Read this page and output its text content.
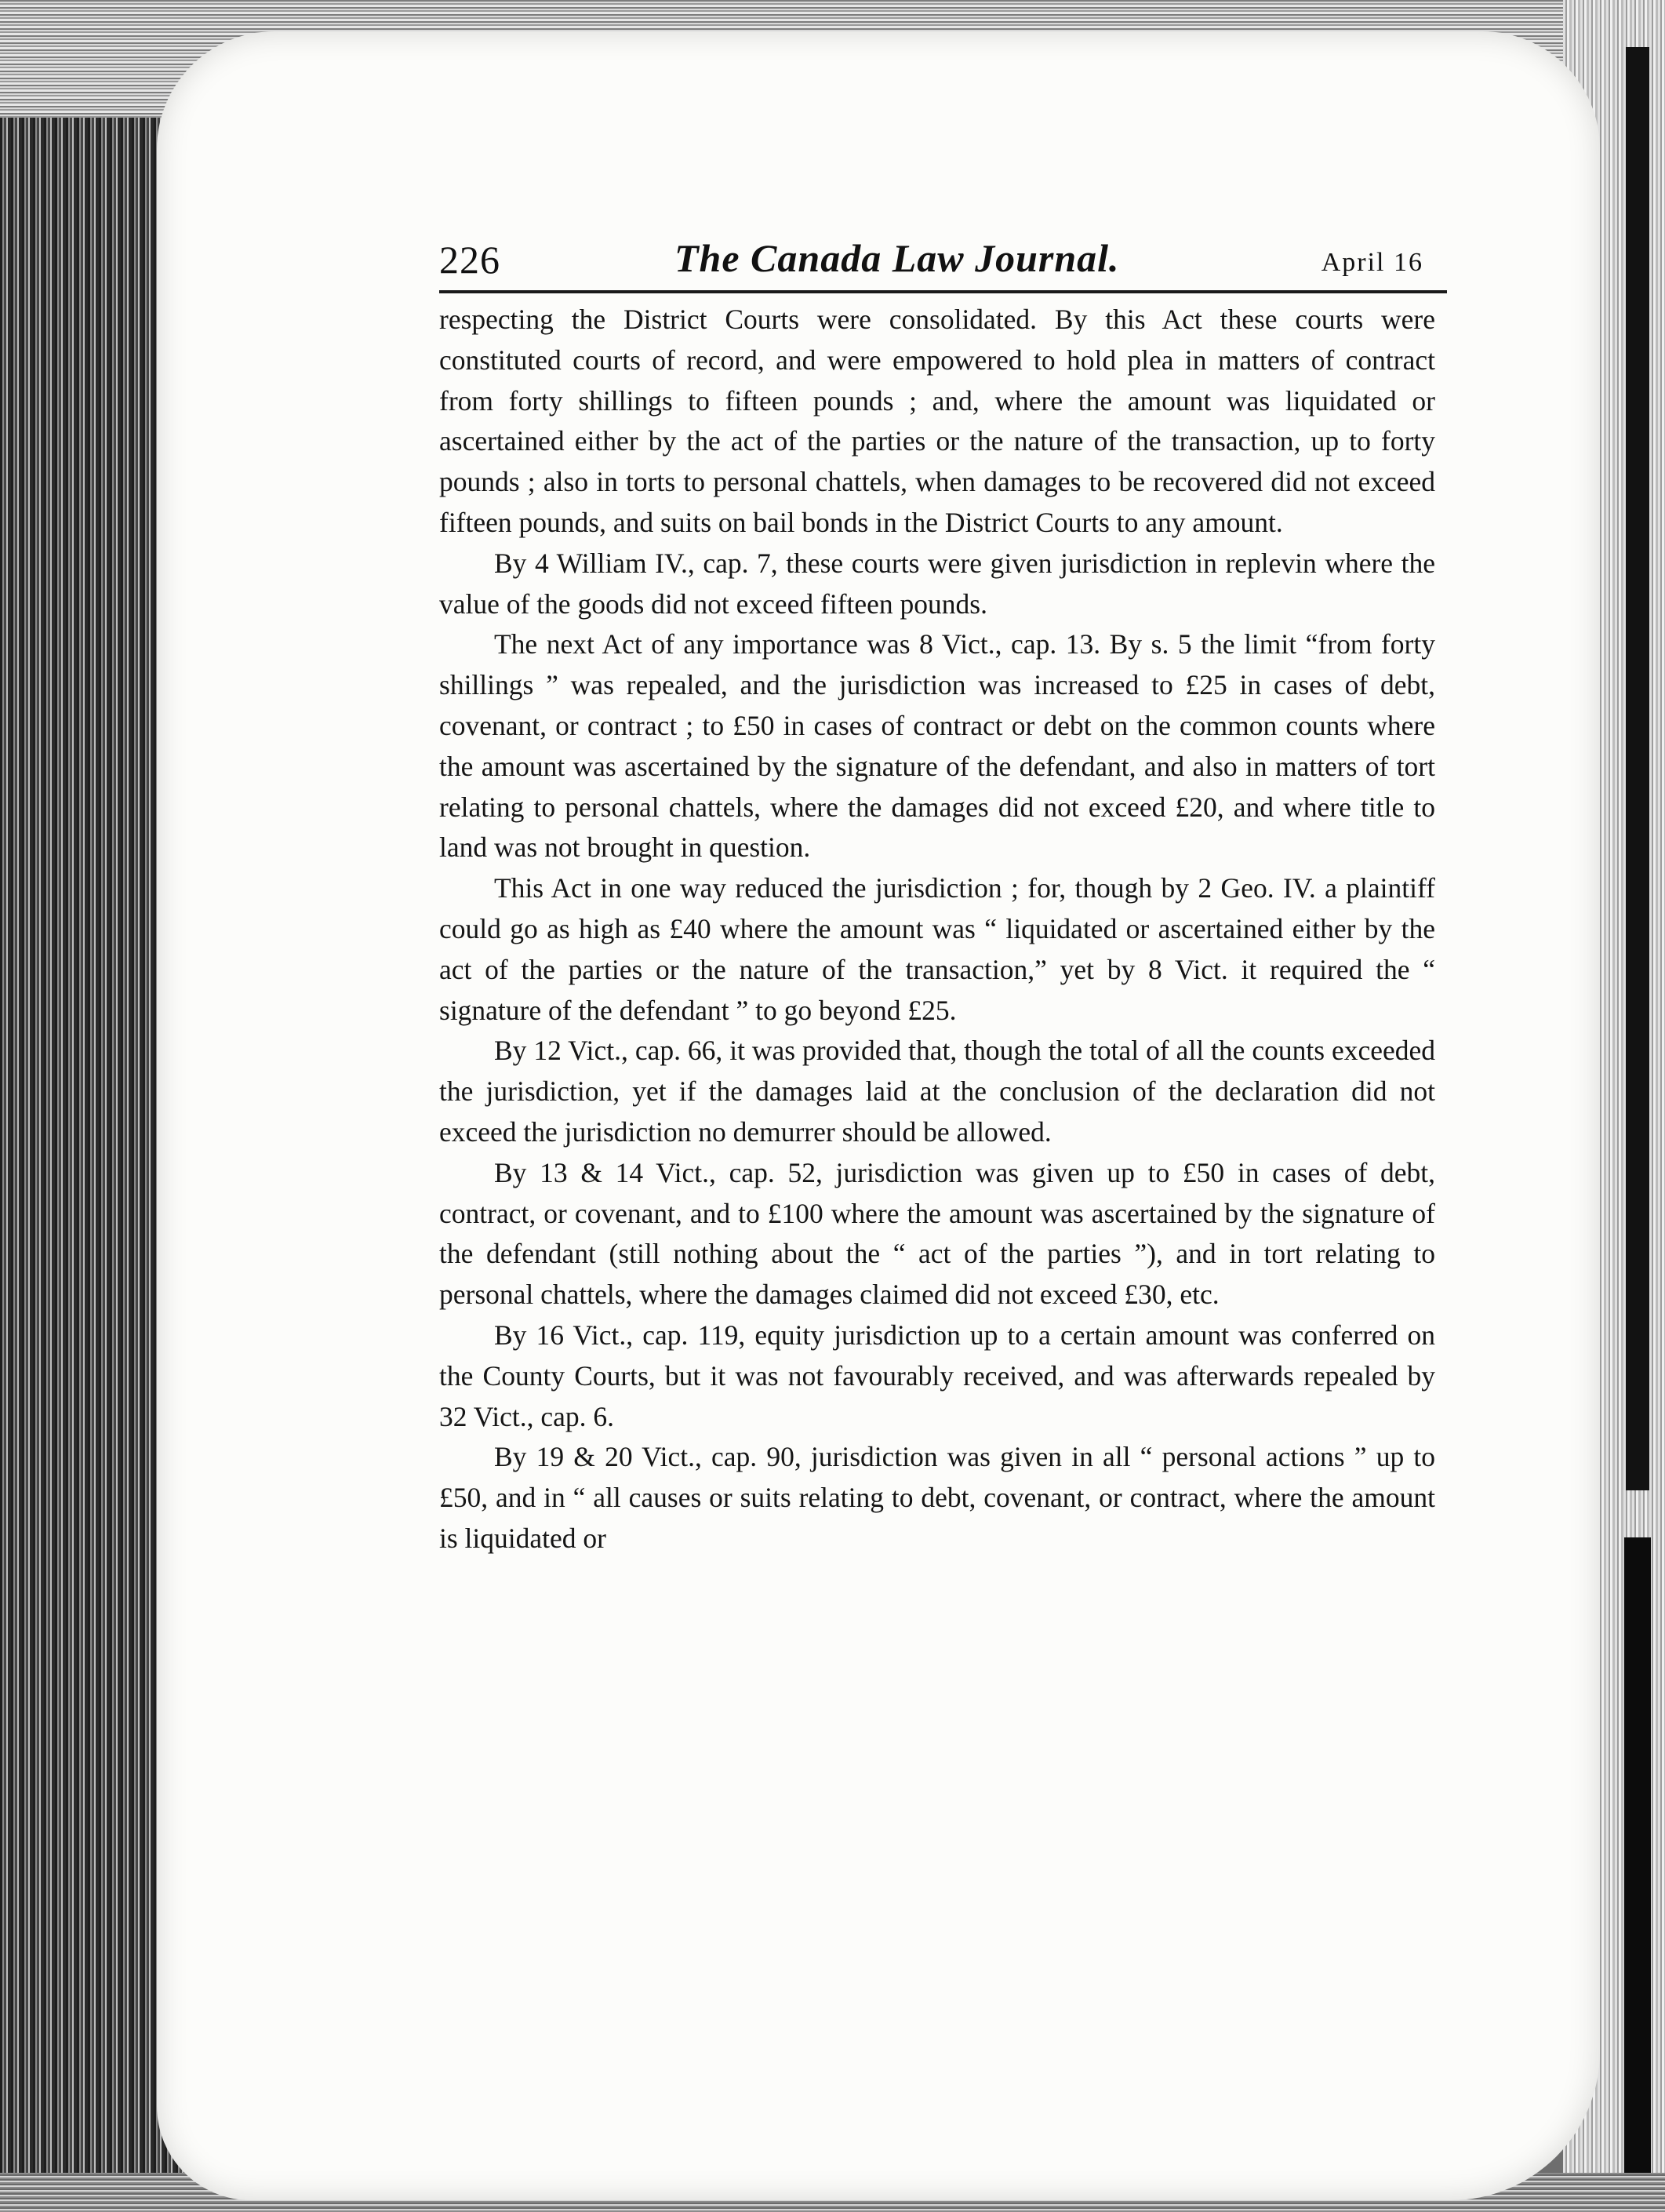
226	The Canada Law Journal.	April 16

respecting the District Courts were consolidated. By this Act these courts were constituted courts of record, and were empowered to hold plea in matters of contract from forty shillings to fifteen pounds ; and, where the amount was liquidated or ascertained either by the act of the parties or the nature of the transaction, up to forty pounds ; also in torts to personal chattels, when damages to be recovered did not exceed fifteen pounds, and suits on bail bonds in the District Courts to any amount.

By 4 William IV., cap. 7, these courts were given jurisdiction in replevin where the value of the goods did not exceed fifteen pounds.

The next Act of any importance was 8 Vict., cap. 13. By s. 5 the limit “from forty shillings ” was repealed, and the jurisdiction was increased to £25 in cases of debt, covenant, or contract ; to £50 in cases of contract or debt on the common counts where the amount was ascertained by the signature of the defendant, and also in matters of tort relating to personal chattels, where the damages did not exceed £20, and where title to land was not brought in question.

This Act in one way reduced the jurisdiction ; for, though by 2 Geo. IV. a plaintiff could go as high as £40 where the amount was “ liquidated or ascertained either by the act of the parties or the nature of the transaction,” yet by 8 Vict. it required the “ signature of the defendant ” to go beyond £25.

By 12 Vict., cap. 66, it was provided that, though the total of all the counts exceeded the jurisdiction, yet if the damages laid at the conclusion of the declaration did not exceed the jurisdiction no demurrer should be allowed.

By 13 & 14 Vict., cap. 52, jurisdiction was given up to £50 in cases of debt, contract, or covenant, and to £100 where the amount was ascertained by the signature of the defendant (still nothing about the “ act of the parties ”), and in tort relating to personal chattels, where the damages claimed did not exceed £30, etc.

By 16 Vict., cap. 119, equity jurisdiction up to a certain amount was conferred on the County Courts, but it was not favourably received, and was afterwards repealed by 32 Vict., cap. 6.

By 19 & 20 Vict., cap. 90, jurisdiction was given in all “ personal actions ” up to £50, and in “ all causes or suits relating to debt, covenant, or contract, where the amount is liquidated or
